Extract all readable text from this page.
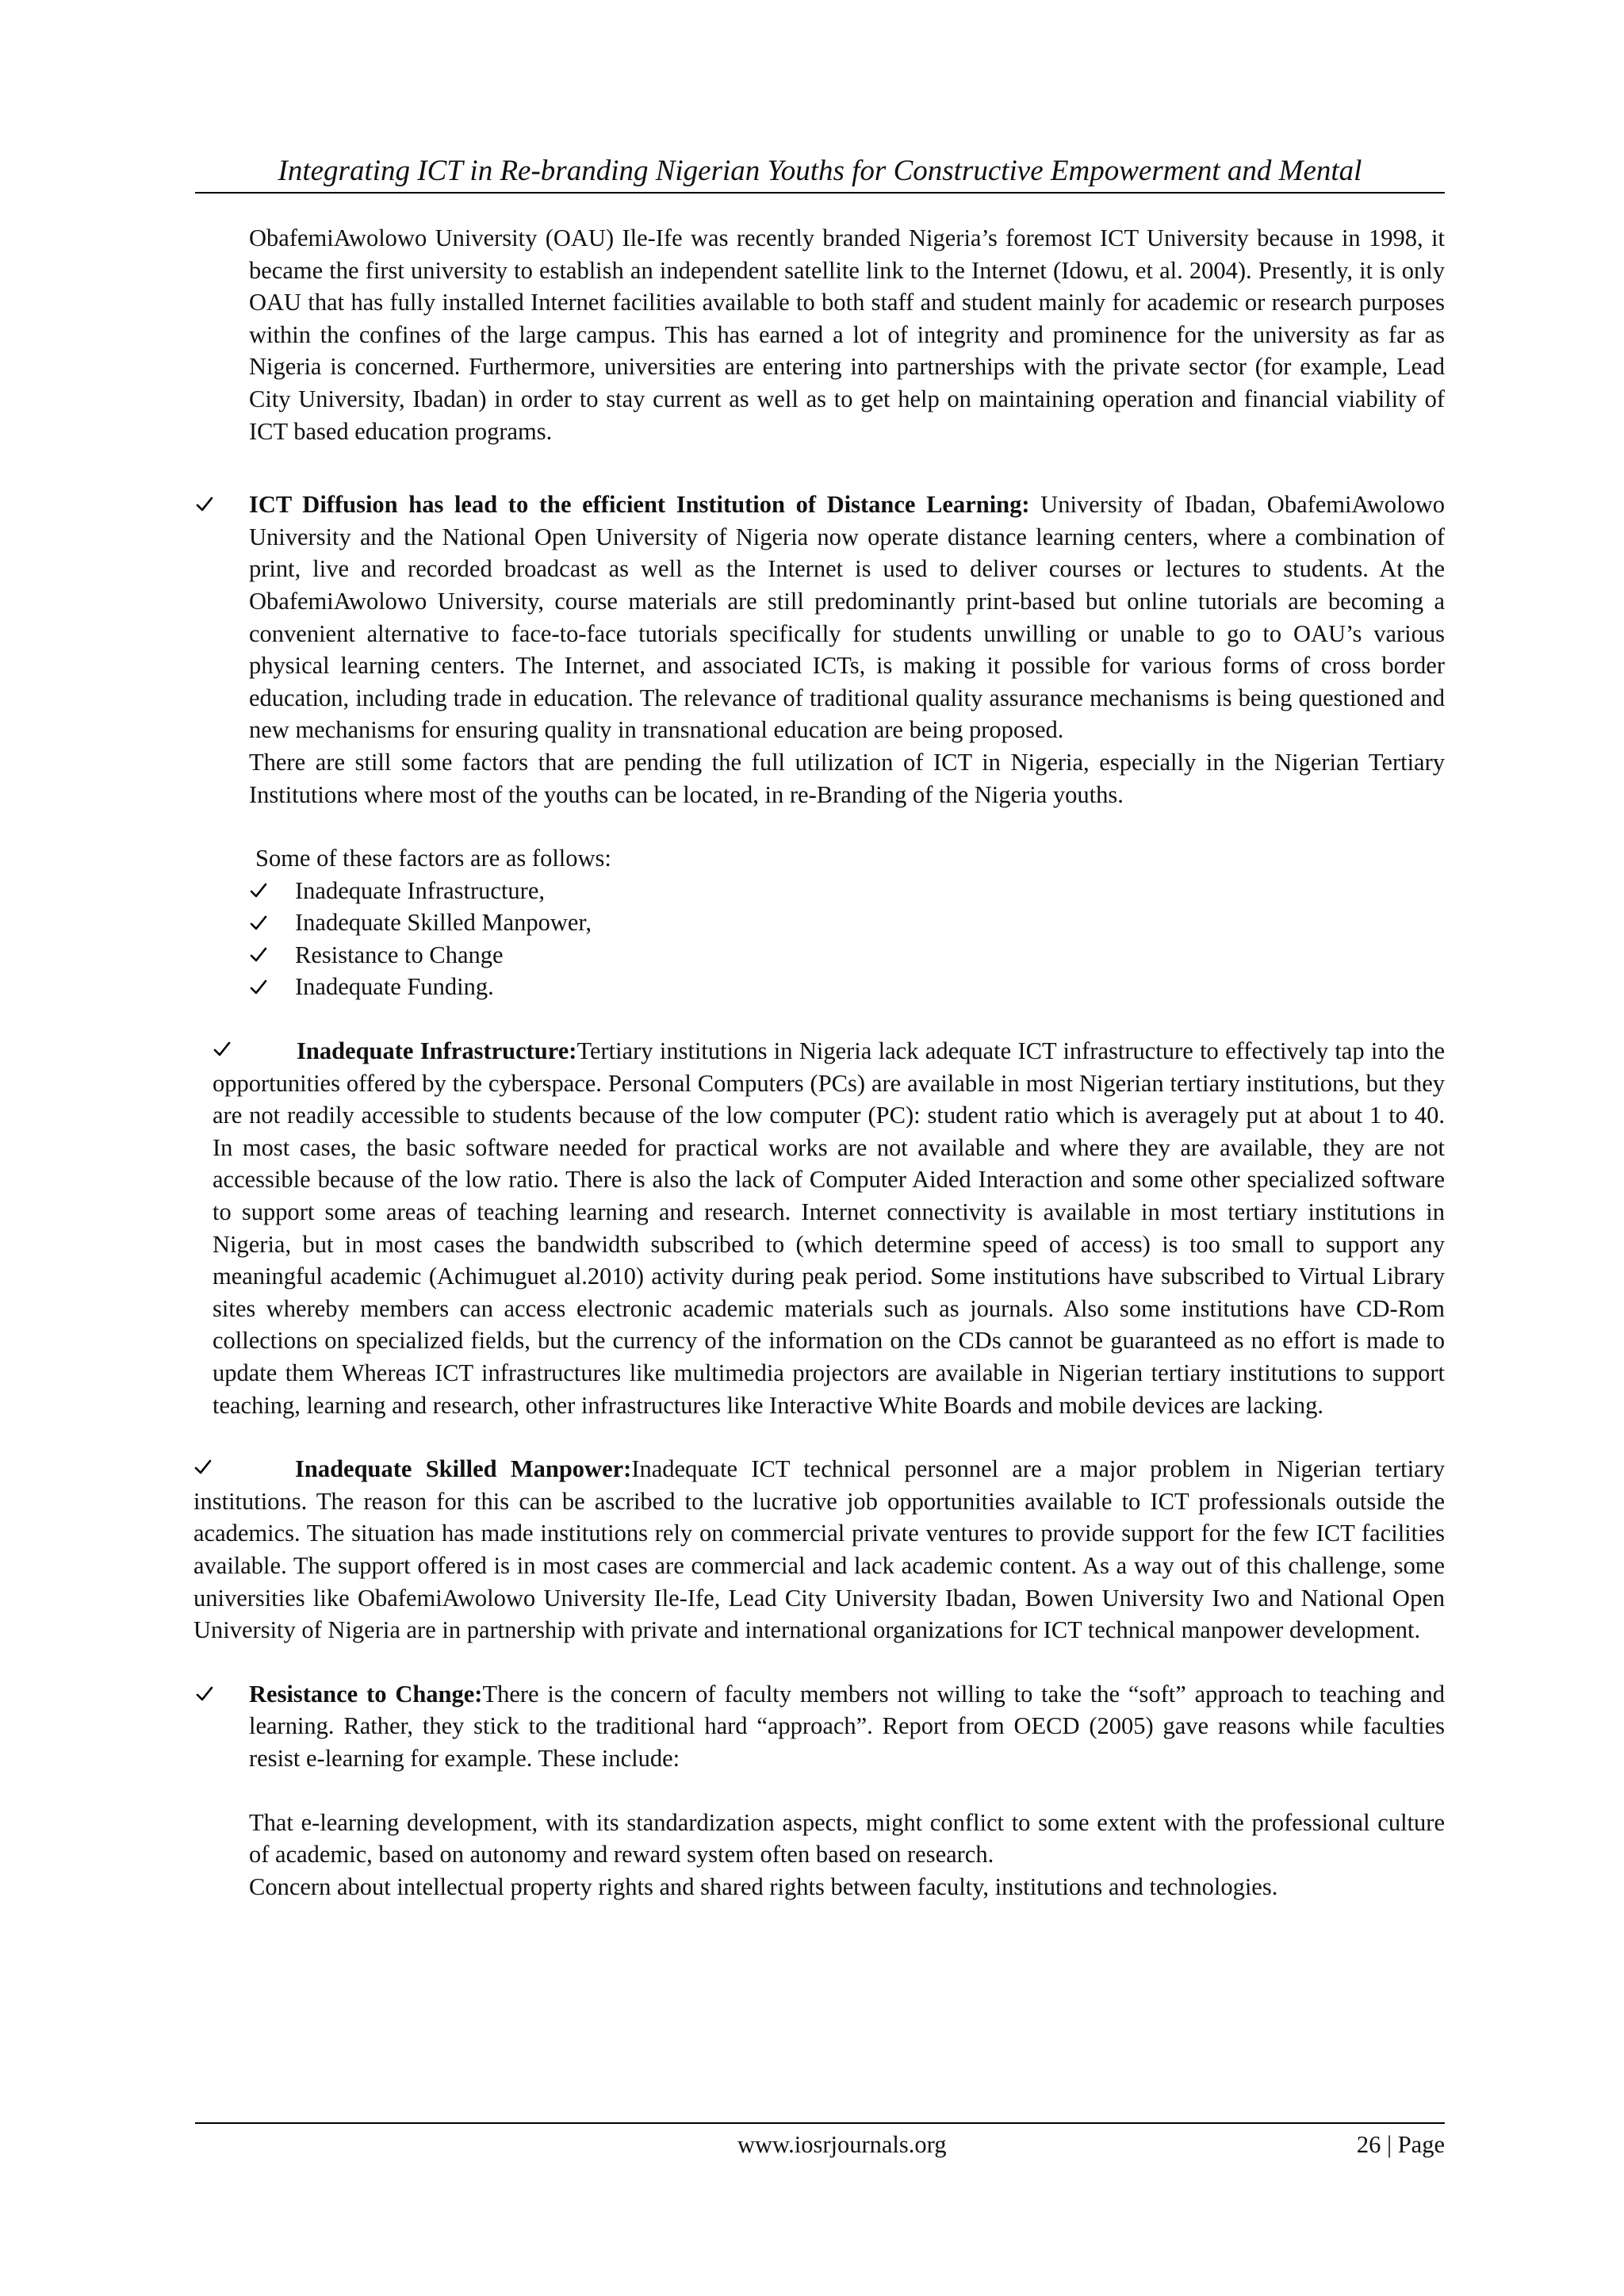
Integrating ICT in Re-branding Nigerian Youths for Constructive Empowerment and Mental

ObafemiAwolowo University (OAU) Ile-Ife was recently branded Nigeria’s foremost ICT University because in 1998, it became the first university to establish an independent satellite link to the Internet (Idowu, et al. 2004). Presently, it is only OAU that has fully installed Internet facilities available to both staff and student mainly for academic or research purposes within the confines of the large campus. This has earned a lot of integrity and prominence for the university as far as Nigeria is concerned. Furthermore, universities are entering into partnerships with the private sector (for example, Lead City University, Ibadan) in order to stay current as well as to get help on maintaining operation and financial viability of ICT based education programs.

ICT Diffusion has lead to the efficient Institution of Distance Learning: University of Ibadan, ObafemiAwolowo University and the National Open University of Nigeria now operate distance learning centers, where a combination of print, live and recorded broadcast as well as the Internet is used to deliver courses or lectures to students. At the ObafemiAwolowo University, course materials are still predominantly print-based but online tutorials are becoming a convenient alternative to face-to-face tutorials specifically for students unwilling or unable to go to OAU’s various physical learning centers. The Internet, and associated ICTs, is making it possible for various forms of cross border education, including trade in education. The relevance of traditional quality assurance mechanisms is being questioned and new mechanisms for ensuring quality in transnational education are being proposed.

There are still some factors that are pending the full utilization of ICT in Nigeria, especially in the Nigerian Tertiary Institutions where most of the youths can be located, in re-Branding of the Nigeria youths.

Some of these factors are as follows:

Inadequate Infrastructure,
Inadequate Skilled Manpower,
Resistance to Change
Inadequate Funding.

Inadequate Infrastructure:Tertiary institutions in Nigeria lack adequate ICT infrastructure to effectively tap into the opportunities offered by the cyberspace. Personal Computers (PCs) are available in most Nigerian tertiary institutions, but they are not readily accessible to students because of the low computer (PC): student ratio which is averagely put at about 1 to 40. In most cases, the basic software needed for practical works are not available and where they are available, they are not accessible because of the low ratio. There is also the lack of Computer Aided Interaction and some other specialized software to support some areas of teaching learning and research. Internet connectivity is available in most tertiary institutions in Nigeria, but in most cases the bandwidth subscribed to (which determine speed of access) is too small to support any meaningful academic (Achimuguet al.2010) activity during peak period. Some institutions have subscribed to Virtual Library sites whereby members can access electronic academic materials such as journals. Also some institutions have CD-Rom collections on specialized fields, but the currency of the information on the CDs cannot be guaranteed as no effort is made to update them Whereas ICT infrastructures like multimedia projectors are available in Nigerian tertiary institutions to support teaching, learning and research, other infrastructures like Interactive White Boards and mobile devices are lacking.

Inadequate Skilled Manpower:Inadequate ICT technical personnel are a major problem in Nigerian tertiary institutions. The reason for this can be ascribed to the lucrative job opportunities available to ICT professionals outside the academics. The situation has made institutions rely on commercial private ventures to provide support for the few ICT facilities available. The support offered is in most cases are commercial and lack academic content. As a way out of this challenge, some universities like ObafemiAwolowo University Ile-Ife, Lead City University Ibadan, Bowen University Iwo and National Open University of Nigeria are in partnership with private and international organizations for ICT technical manpower development.

Resistance to Change:There is the concern of faculty members not willing to take the “soft” approach to teaching and learning. Rather, they stick to the traditional hard “approach”. Report from OECD (2005) gave reasons while faculties resist e-learning for example. These include:

That e-learning development, with its standardization aspects, might conflict to some extent with the professional culture of academic, based on autonomy and reward system often based on research.

Concern about intellectual property rights and shared rights between faculty, institutions and technologies.

www.iosrjournals.org	26 | Page
